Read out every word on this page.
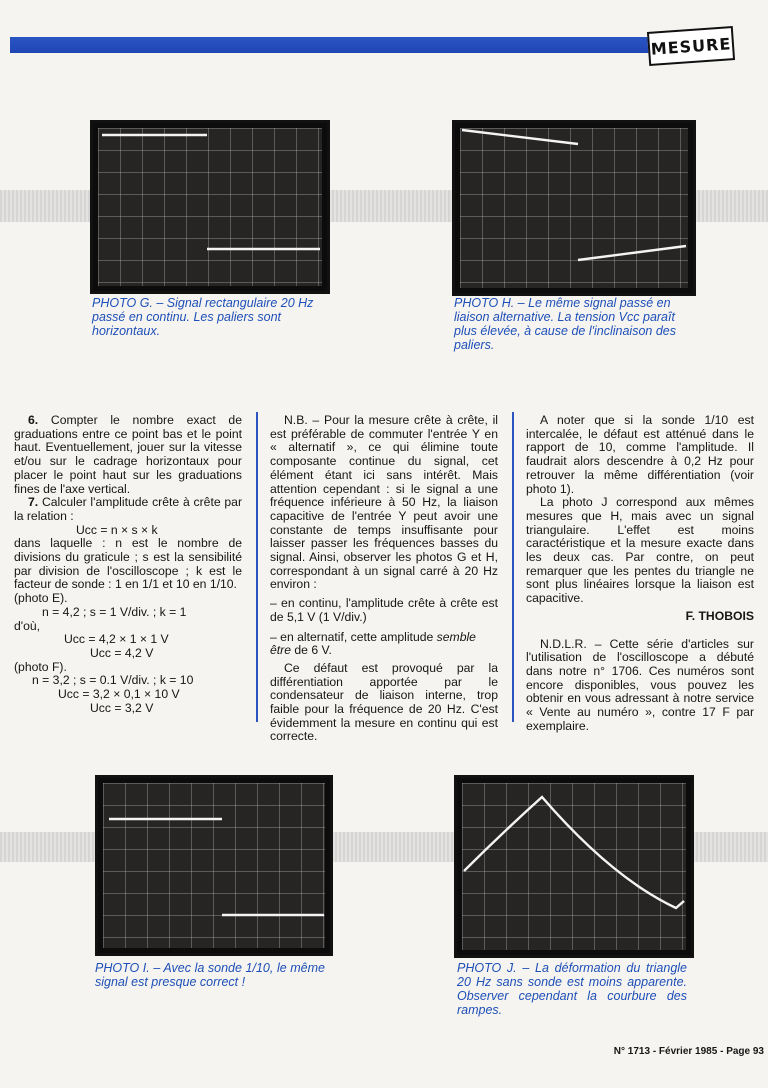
MESURE
PHOTO G. – Signal rectangulaire 20 Hz passé en continu. Les paliers sont horizontaux.
PHOTO H. – Le même signal passé en liaison alternative. La tension Vcc paraît plus élevée, à cause de l'inclinaison des paliers.

6. Compter le nombre exact de graduations entre ce point bas et le point haut. Eventuellement, jouer sur la vitesse et/ou sur le cadrage horizontaux pour placer le point haut sur les graduations fines de l'axe vertical.

7. Calculer l'amplitude crête à crête par la relation :

Ucc = n × s × k

dans laquelle : n est le nombre de divisions du graticule ; s est la sensibilité par division de l'oscilloscope ; k est le facteur de sonde : 1 en 1/1 et 10 en 1/10.

(photo E).

n = 4,2 ; s = 1 V/div. ; k = 1

d'où,

Ucc = 4,2 × 1 × 1 V

Ucc = 4,2 V

(photo F).

n = 3,2 ; s = 0.1 V/div. ; k = 10

Ucc = 3,2 × 0,1 × 10 V

Ucc = 3,2 V

N.B. – Pour la mesure crête à crête, il est préférable de commuter l'entrée Y en « alternatif », ce qui élimine toute composante continue du signal, cet élément étant ici sans intérêt. Mais attention cependant : si le signal a une fréquence inférieure à 50 Hz, la liaison capacitive de l'entrée Y peut avoir une constante de temps insuffisante pour laisser passer les fréquences basses du signal. Ainsi, observer les photos G et H, correspondant à un signal carré à 20 Hz environ :

– en continu, l'amplitude crête à crête est de 5,1 V (1 V/div.)

– en alternatif, cette amplitude semble être de 6 V.

Ce défaut est provoqué par la différentiation apportée par le condensateur de liaison interne, trop faible pour la fréquence de 20 Hz. C'est évidemment la mesure en continu qui est correcte.

A noter que si la sonde 1/10 est intercalée, le défaut est atténué dans le rapport de 10, comme l'amplitude. Il faudrait alors descendre à 0,2 Hz pour retrouver la même différentiation (voir photo 1).

La photo J correspond aux mêmes mesures que H, mais avec un signal triangulaire. L'effet est moins caractéristique et la mesure exacte dans les deux cas. Par contre, on peut remarquer que les pentes du triangle ne sont plus linéaires lorsque la liaison est capacitive.

F. THOBOIS

N.D.L.R. – Cette série d'articles sur l'utilisation de l'oscilloscope a débuté dans notre n° 1706. Ces numéros sont encore disponibles, vous pouvez les obtenir en vous adressant à notre service « Vente au numéro », contre 17 F par exemplaire.

PHOTO I. – Avec la sonde 1/10, le même signal est presque correct !
PHOTO J. – La déformation du triangle 20 Hz sans sonde est moins apparente. Observer cependant la courbure des rampes.
N° 1713 - Février 1985 - Page 93
